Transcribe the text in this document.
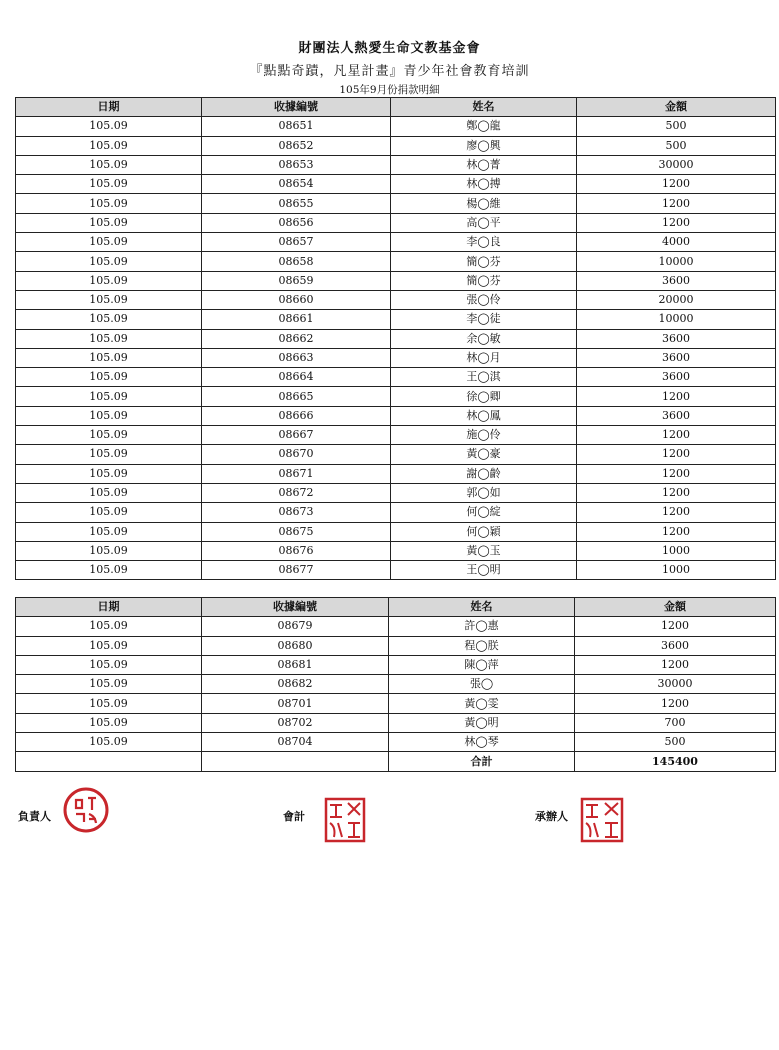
財團法人熱愛生命文教基金會
『點點奇蹟，凡星計畫』青少年社會教育培訓
105年9月份捐款明細
日期	收據編號	姓名	金額
105.09	08651	鄭◯龍	500
105.09	08652	廖◯興	500
105.09	08653	林◯菁	30000
105.09	08654	林◯搏	1200
105.09	08655	楊◯維	1200
105.09	08656	高◯平	1200
105.09	08657	李◯良	4000
105.09	08658	簡◯芬	10000
105.09	08659	簡◯芬	3600
105.09	08660	張◯伶	20000
105.09	08661	李◯徒	10000
105.09	08662	余◯敏	3600
105.09	08663	林◯月	3600
105.09	08664	王◯淇	3600
105.09	08665	徐◯卿	1200
105.09	08666	林◯鳳	3600
105.09	08667	施◯伶	1200
105.09	08670	黃◯豪	1200
105.09	08671	謝◯齡	1200
105.09	08672	郭◯如	1200
105.09	08673	何◯綻	1200
105.09	08675	何◯穎	1200
105.09	08676	黃◯玉	1000
105.09	08677	王◯明	1000
日期	收據編號	姓名	金額
105.09	08679	許◯惠	1200
105.09	08680	程◯朕	3600
105.09	08681	陳◯萍	1200
105.09	08682	張◯	30000
105.09	08701	黃◯雯	1200
105.09	08702	黃◯明	700
105.09	08704	林◯琴	500
		合計	145400
負責人	會計	承辦人
